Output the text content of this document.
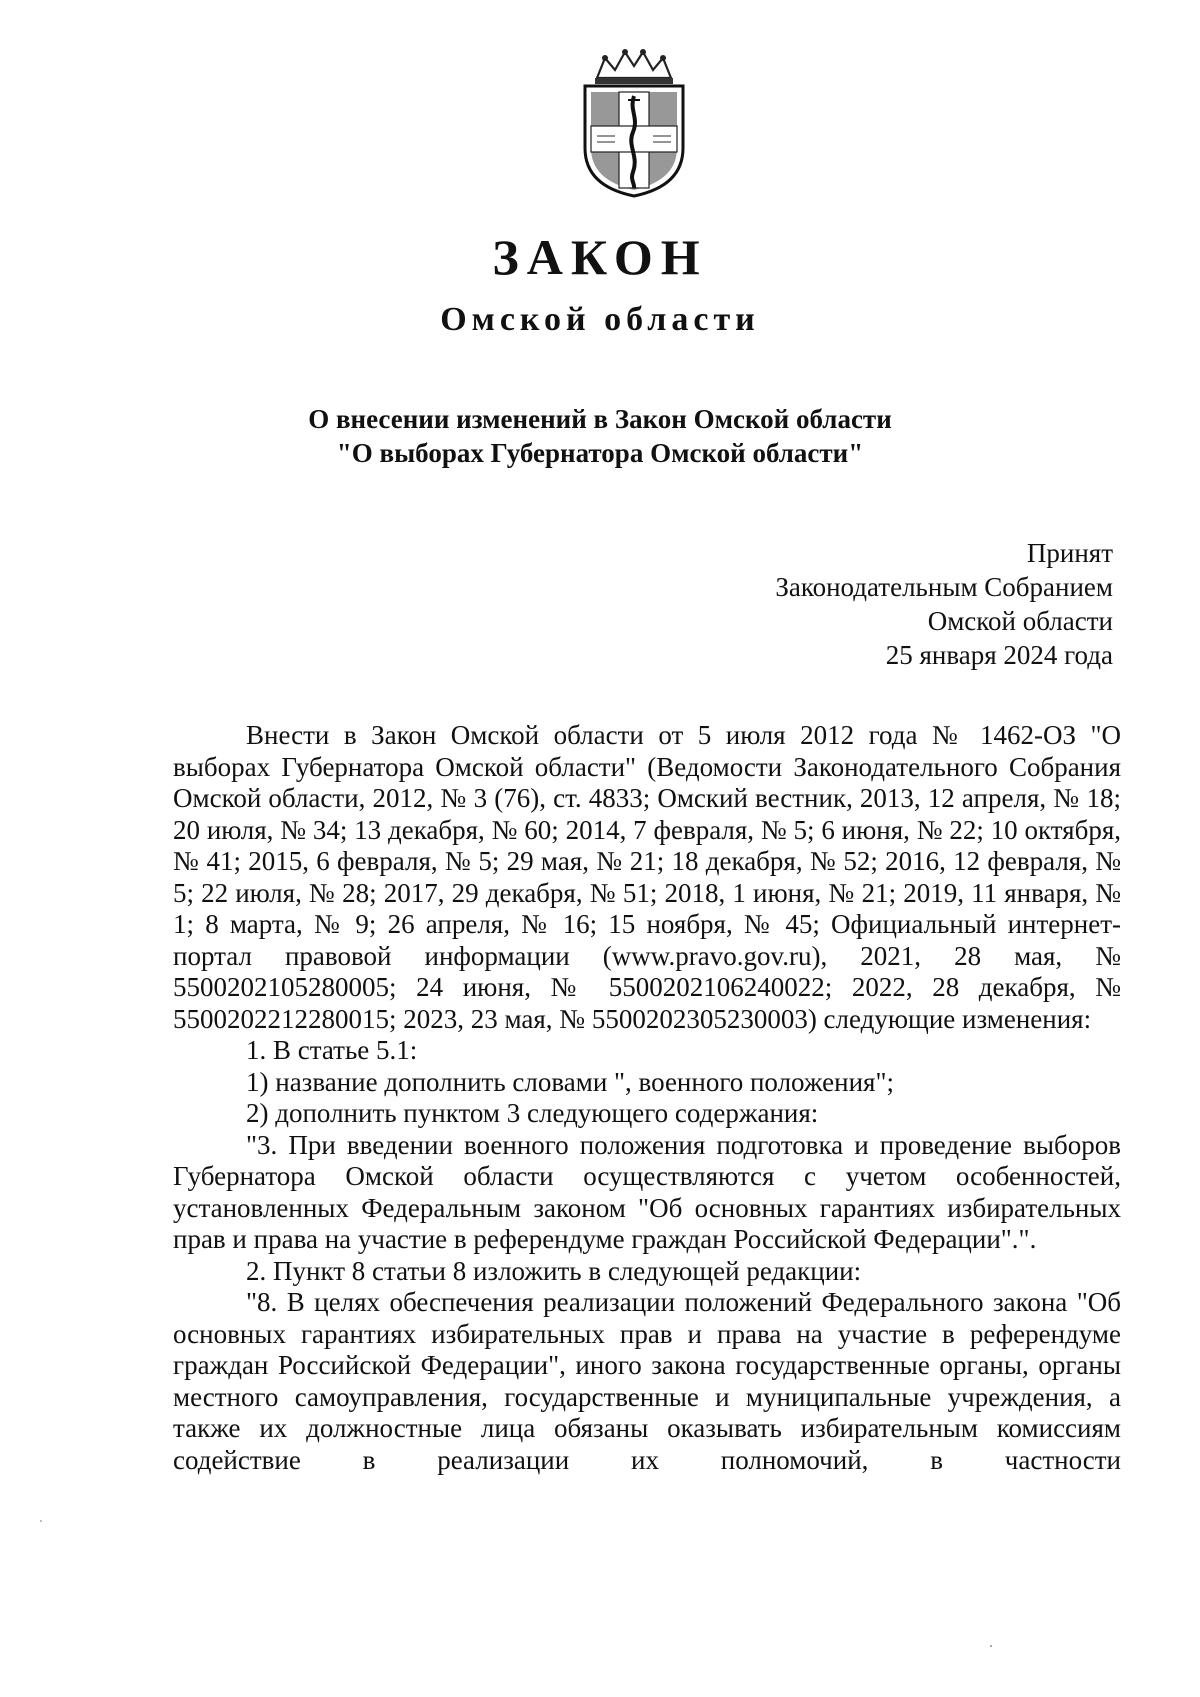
ЗАКОН
Омской области
О внесении изменений в Закон Омской области
"О выборах Губернатора Омской области"
Принят
Законодательным Собранием
Омской области
25 января 2024 года

Внести в Закон Омской области от 5 июля 2012 года № 1462-ОЗ "О выборах Губернатора Омской области" (Ведомости Законодательного Собрания Омской области, 2012, № 3 (76), ст. 4833; Омский вестник, 2013, 12 апреля, № 18; 20 июля, № 34; 13 декабря, № 60; 2014, 7 февраля, № 5; 6 июня, № 22; 10 октября, № 41; 2015, 6 февраля, № 5; 29 мая, № 21; 18 декабря, № 52; 2016, 12 февраля, № 5; 22 июля, № 28; 2017, 29 декабря, № 51; 2018, 1 июня, № 21; 2019, 11 января, № 1; 8 марта, № 9; 26 апреля, № 16; 15 ноября, № 45; Официальный интернет-портал правовой информации (www.pravo.gov.ru), 2021, 28 мая, № 5500202105280005; 24 июня, № 5500202106240022; 2022, 28 декабря, № 5500202212280015; 2023, 23 мая, № 5500202305230003) следующие изменения:

1. В статье 5.1:

1) название дополнить словами ", военного положения";

2) дополнить пунктом 3 следующего содержания:

"3. При введении военного положения подготовка и проведение выборов Губернатора Омской области осуществляются с учетом особенностей, установленных Федеральным законом "Об основных гарантиях избирательных прав и права на участие в референдуме граждан Российской Федерации".".

2. Пункт 8 статьи 8 изложить в следующей редакции:

"8. В целях обеспечения реализации положений Федерального закона "Об основных гарантиях избирательных прав и права на участие в референдуме граждан Российской Федерации", иного закона государственные органы, органы местного самоуправления, государственные и муниципальные учреждения, а также их должностные лица обязаны оказывать избирательным комиссиям содействие в реализации их полномочий, в частности
